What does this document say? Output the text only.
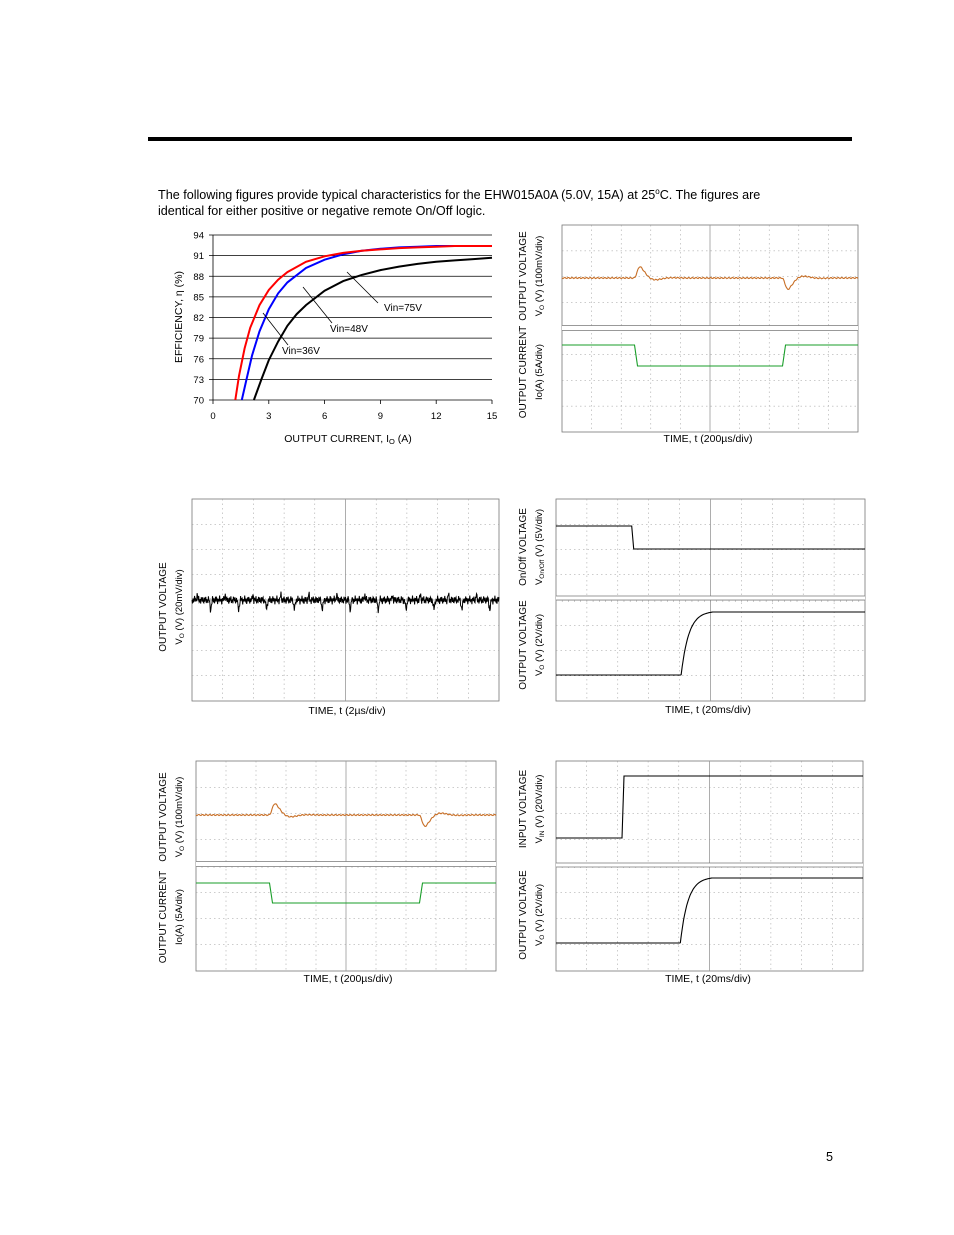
The following figures provide typical characteristics for the EHW015A0A (5.0V, 15A) at 25$^o$C. The figures are
identical for either positive or negative remote On/Off logic.
70
73
76
79
82
85
88
91
94
0	3	6	9	12	15
Vin=75V
Vin=48V
Vin=36V
EFFICIENCY, η (%)
OUTPUT CURRENT, IO (A)
OUTPUT VOLTAGE $V_O$ (V) (100mV/div)
OUTPUT CURRENT Io(A) (5A/div)
TIME, t (200µs/div)
OUTPUT VOLTAGE $V_O$ (V) (20mV/div)
TIME, t (2µs/div)
On/Off VOLTAGE $V_{On/Off}$ (V) (5V/div)
OUTPUT VOLTAGE $V_O$ (V) (2V/div)
TIME, t (20ms/div)
OUTPUT VOLTAGE $V_O$ (V) (100mV/div)
OUTPUT CURRENT Io(A) (5A/div)
TIME, t (200µs/div)
INPUT VOLTAGE $V_{IN}$ (V) (20V/div)
OUTPUT VOLTAGE $V_O$ (V) (2V/div)
TIME, t (20ms/div)
5
